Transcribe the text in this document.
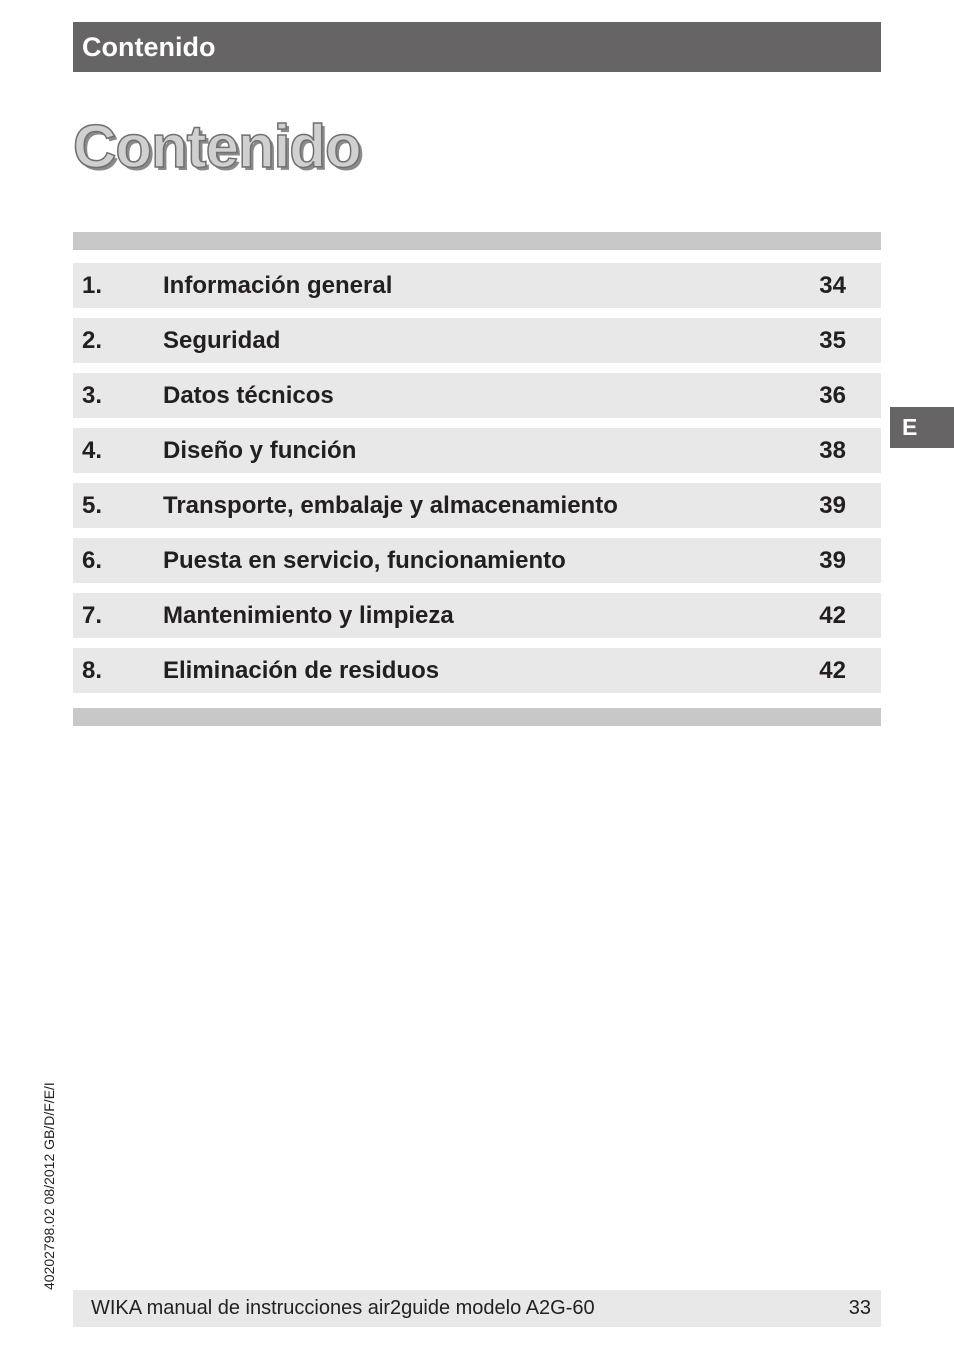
Contenido
Contenido
1.	Información general	34
2.	Seguridad	35
3.	Datos técnicos	36
4.	Diseño y función	38
5.	Transporte, embalaje y almacenamiento	39
6.	Puesta en servicio, funcionamiento	39
7.	Mantenimiento y limpieza	42
8.	Eliminación de residuos	42
E
40202798.02 08/2012 GB/D/F/E/I
WIKA manual de instrucciones air2guide modelo A2G-60	33
